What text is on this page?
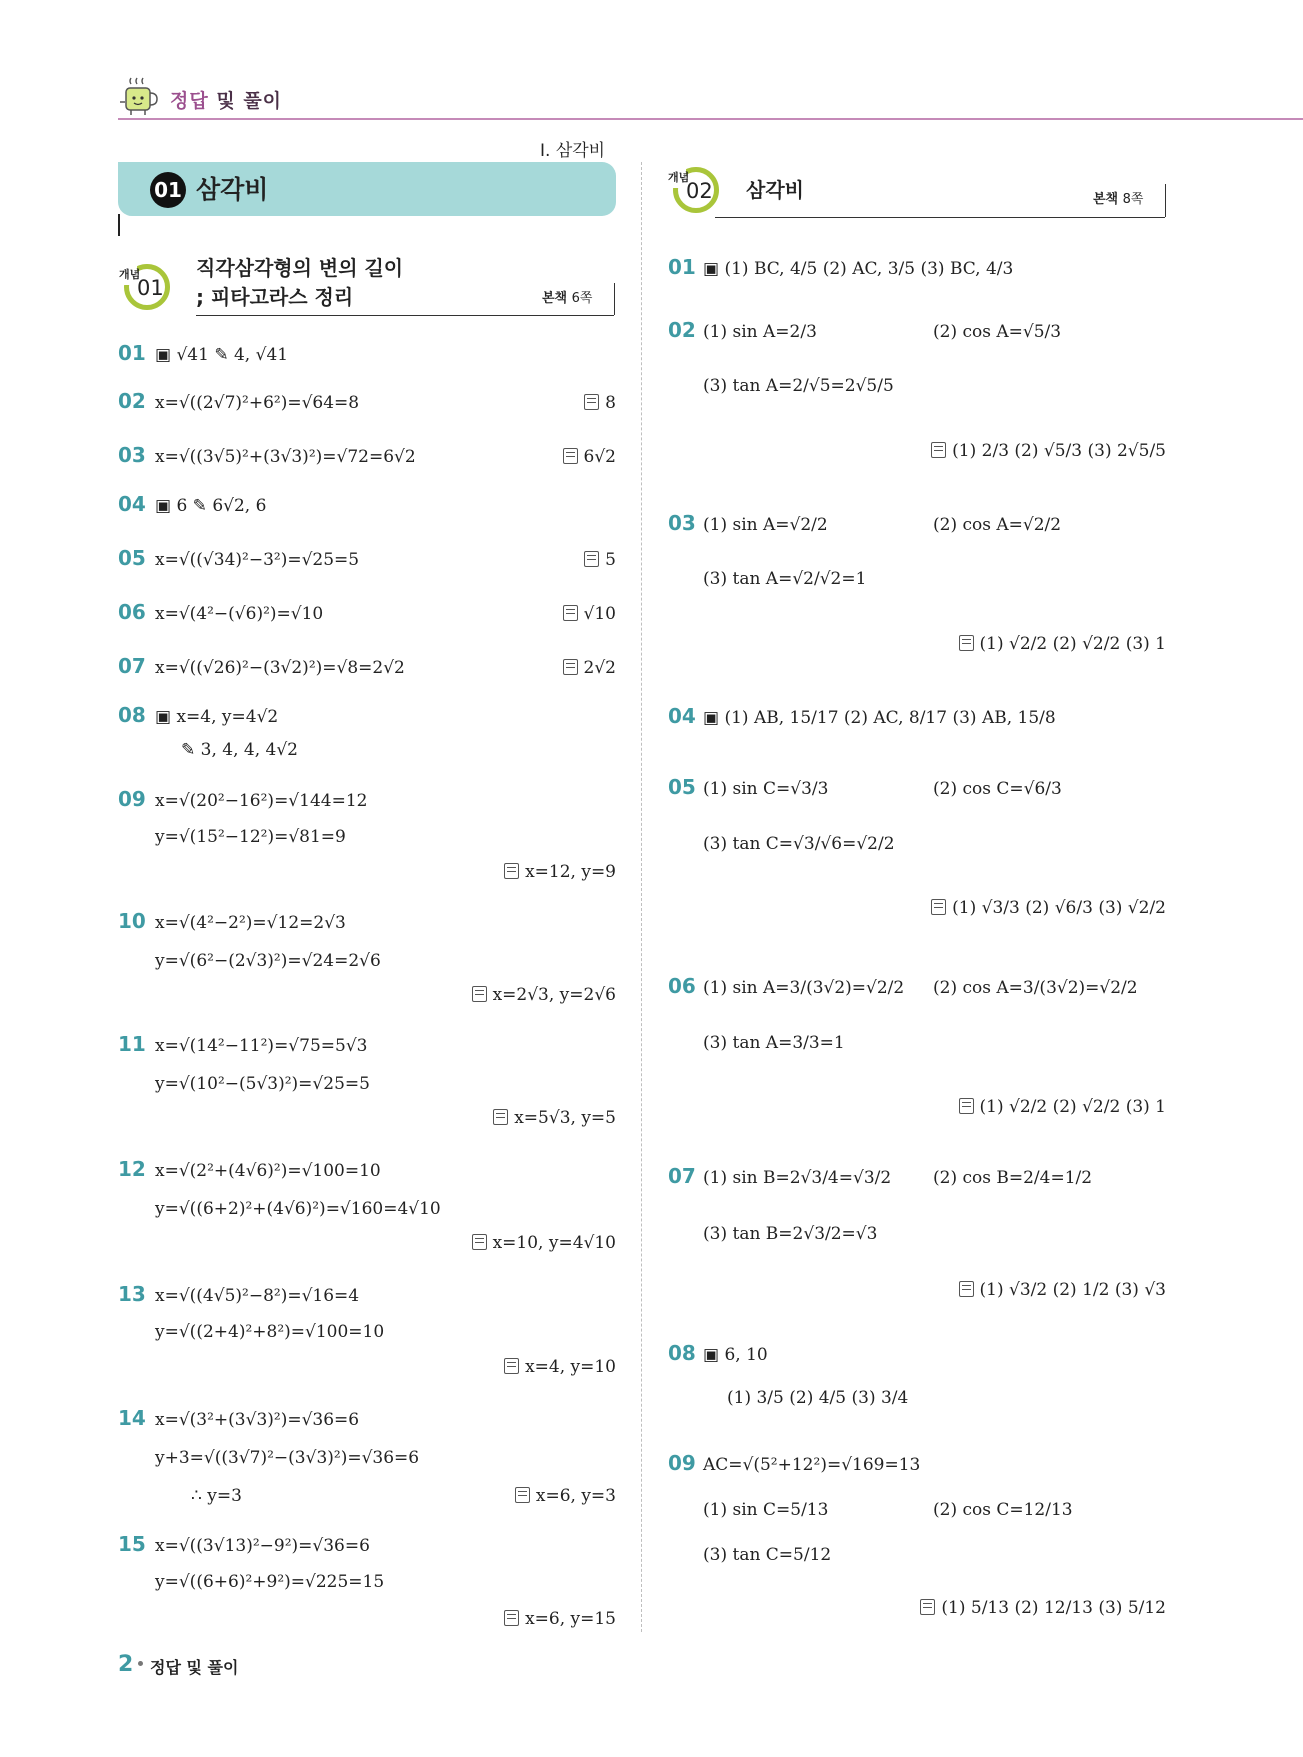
정답 및 풀이
I. 삼각비
01 삼각비
개념
01
직각삼각형의 변의 길이
; 피타고라스 정리	본책 6쪽
개념
02 삼각비	본책 8쪽
2 정답 및 풀이
01 ▣ √41 ✎ 4, √41
02 x=√((2√7)²+6²)=√64=8	8
03 x=√((3√5)²+(3√3)²)=√72=6√2	6√2
04 ▣ 6 ✎ 6√2, 6
05 x=√((√34)²−3²)=√25=5	5
06 x=√(4²−(√6)²)=√10	√10
07 x=√((√26)²−(3√2)²)=√8=2√2	2√2
08 ▣ x=4, y=4√2
✎ 3, 4, 4, 4√2
09 x=√(20²−16²)=√144=12
y=√(15²−12²)=√81=9
x=12, y=9
10 x=√(4²−2²)=√12=2√3
y=√(6²−(2√3)²)=√24=2√6
x=2√3, y=2√6
11 x=√(14²−11²)=√75=5√3
y=√(10²−(5√3)²)=√25=5
x=5√3, y=5
12 x=√(2²+(4√6)²)=√100=10
y=√((6+2)²+(4√6)²)=√160=4√10
x=10, y=4√10
13 x=√((4√5)²−8²)=√16=4
y=√((2+4)²+8²)=√100=10
x=4, y=10
14 x=√(3²+(3√3)²)=√36=6
y+3=√((3√7)²−(3√3)²)=√36=6
∴ y=3	x=6, y=3
15 x=√((3√13)²−9²)=√36=6
y=√((6+6)²+9²)=√225=15
x=6, y=15
01 ▣ (1) BC, 4/5 (2) AC, 3/5 (3) BC, 4/3
02 (1) sin A=2/3	(2) cos A=√5/3
(3) tan A=2/√5=2√5/5
(1) 2/3 (2) √5/3 (3) 2√5/5
03 (1) sin A=√2/2	(2) cos A=√2/2
(3) tan A=√2/√2=1
(1) √2/2 (2) √2/2 (3) 1
04 ▣ (1) AB, 15/17 (2) AC, 8/17 (3) AB, 15/8
05 (1) sin C=√3/3	(2) cos C=√6/3
(3) tan C=√3/√6=√2/2
(1) √3/3 (2) √6/3 (3) √2/2
06 (1) sin A=3/(3√2)=√2/2 (2) cos A=3/(3√2)=√2/2
(3) tan A=3/3=1
(1) √2/2 (2) √2/2 (3) 1
07 (1) sin B=2√3/4=√3/2 (2) cos B=2/4=1/2
(3) tan B=2√3/2=√3
(1) √3/2 (2) 1/2 (3) √3
08 ▣ 6, 10
(1) 3/5 (2) 4/5 (3) 3/4
09 AC=√(5²+12²)=√169=13
(1) sin C=5/13	(2) cos C=12/13
(3) tan C=5/12
(1) 5/13 (2) 12/13 (3) 5/12
